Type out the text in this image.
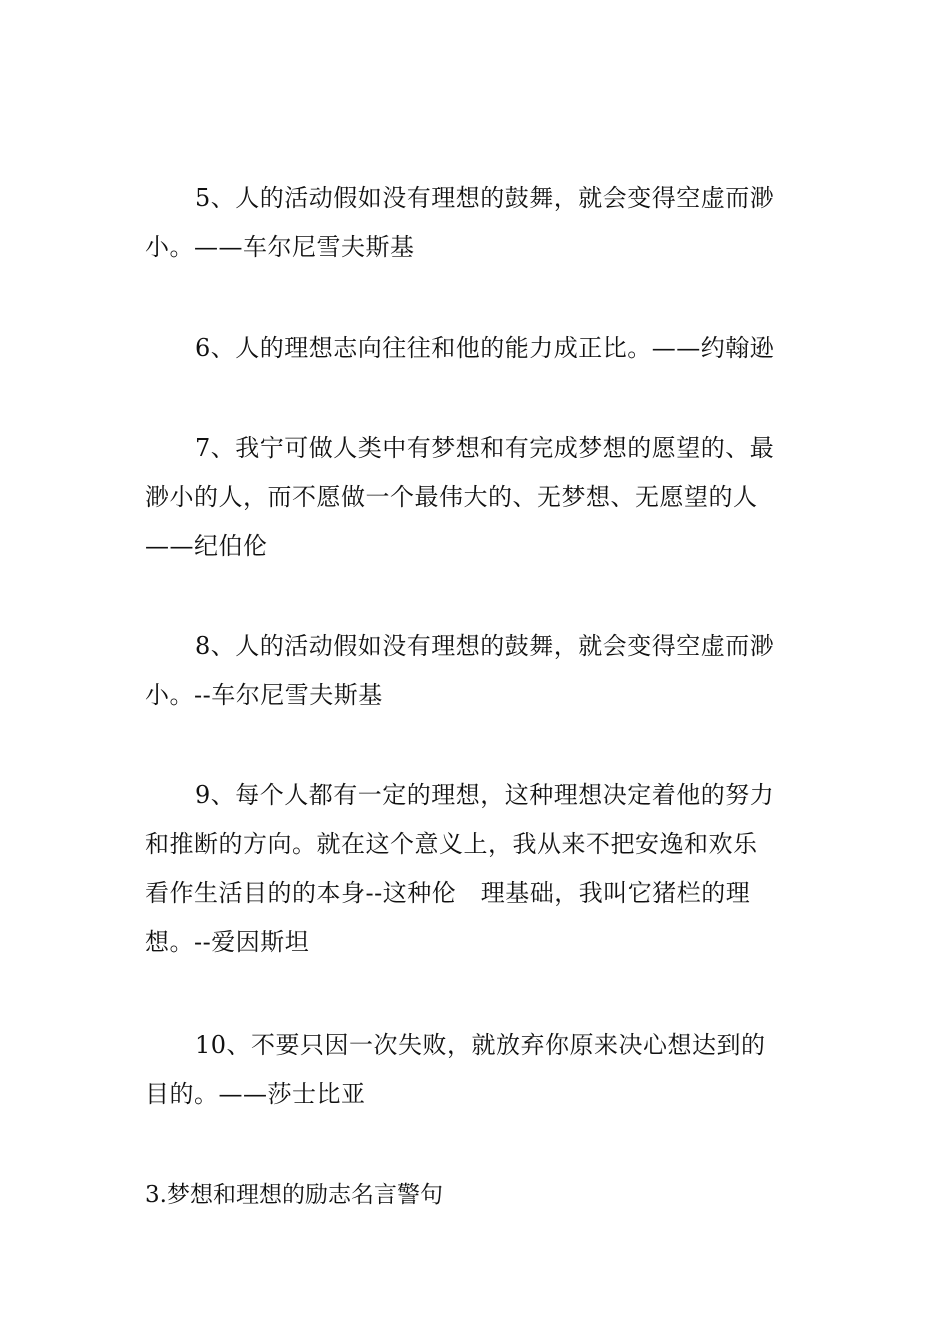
5、人的活动假如没有理想的鼓舞，就会变得空虚而渺
小。——车尔尼雪夫斯基
6、人的理想志向往往和他的能力成正比。——约翰逊
7、我宁可做人类中有梦想和有完成梦想的愿望的、最
渺小的人，而不愿做一个最伟大的、无梦想、无愿望的人
——纪伯伦
8、人的活动假如没有理想的鼓舞，就会变得空虚而渺
小。--车尔尼雪夫斯基
9、每个人都有一定的理想，这种理想决定着他的努力
和推断的方向。就在这个意义上，我从来不把安逸和欢乐
看作生活目的的本身--这种伦　理基础，我叫它猪栏的理
想。--爱因斯坦
10、不要只因一次失败，就放弃你原来决心想达到的
目的。——莎士比亚
3.梦想和理想的励志名言警句
